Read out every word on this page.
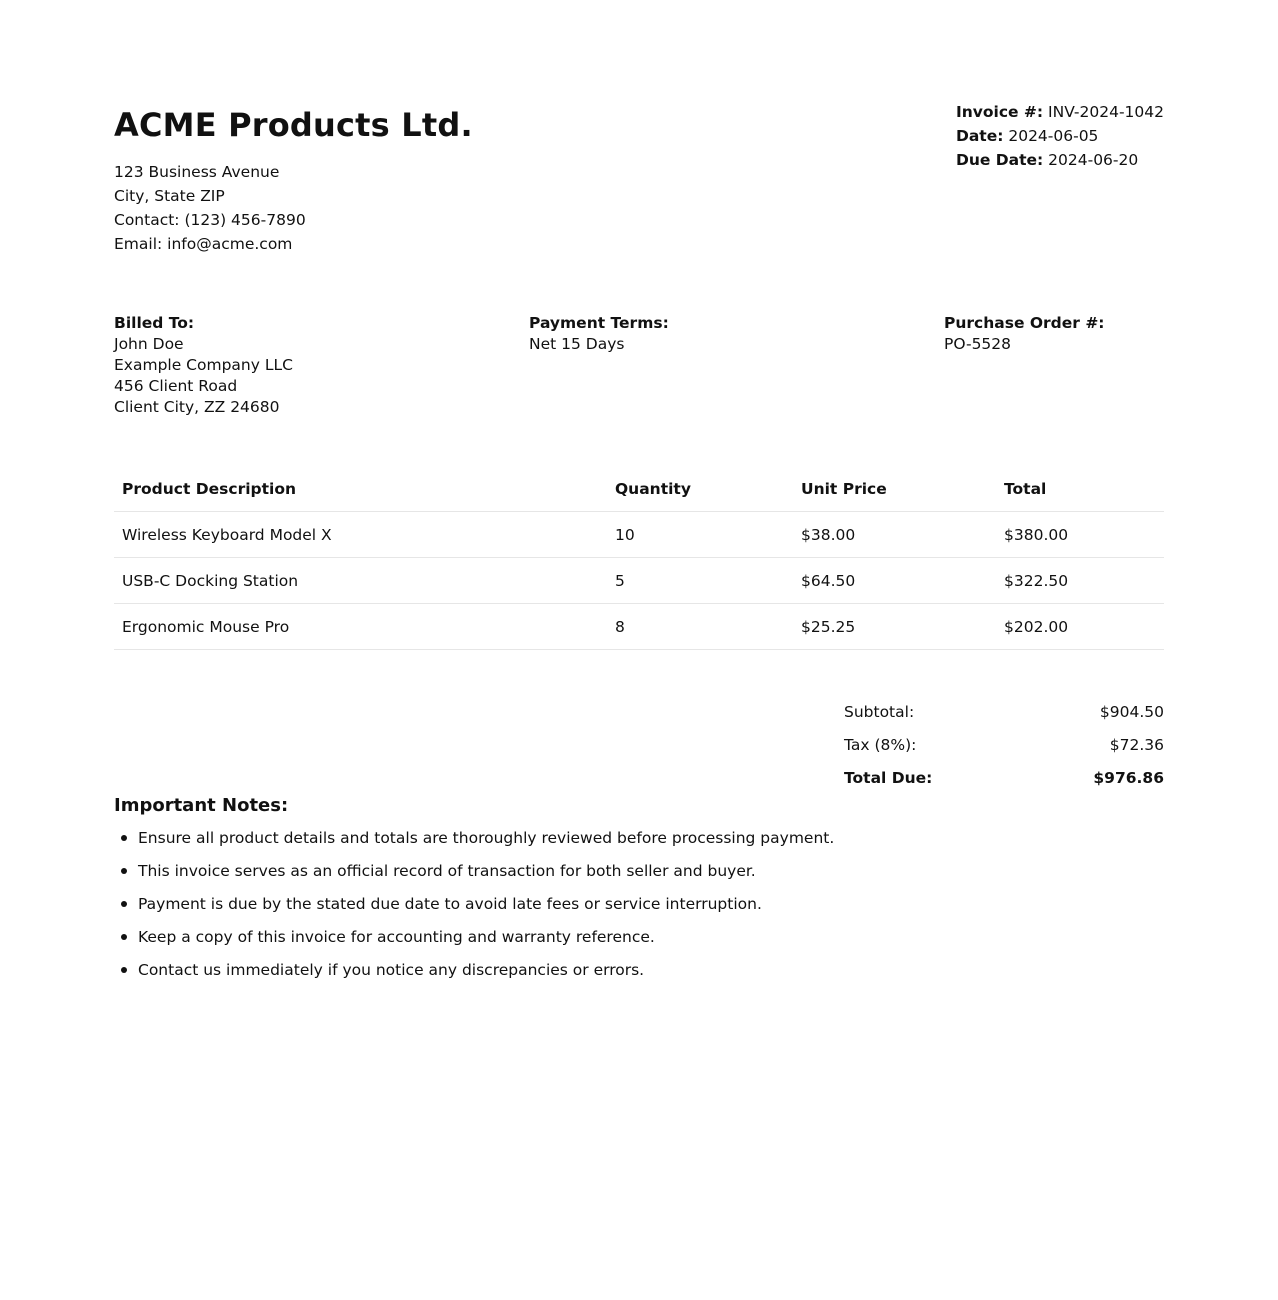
ACME Products Ltd.
123 Business Avenue
City, State ZIP
Contact: (123) 456-7890
Email: info@acme.com
Invoice #: INV-2024-1042
Date: 2024-06-05
Due Date: 2024-06-20
Billed To:
John Doe
Example Company LLC
456 Client Road
Client City, ZZ 24680
Payment Terms:
Net 15 Days
Purchase Order #:
PO-5528
Product Description	Quantity	Unit Price	Total
Wireless Keyboard Model X	10	$38.00	$380.00
USB-C Docking Station	5	$64.50	$322.50
Ergonomic Mouse Pro	8	$25.25	$202.00
Subtotal:	$904.50
Tax (8%):	$72.36
Total Due:	$976.86
Important Notes:
Ensure all product details and totals are thoroughly reviewed before processing payment.
This invoice serves as an official record of transaction for both seller and buyer.
Payment is due by the stated due date to avoid late fees or service interruption.
Keep a copy of this invoice for accounting and warranty reference.
Contact us immediately if you notice any discrepancies or errors.
